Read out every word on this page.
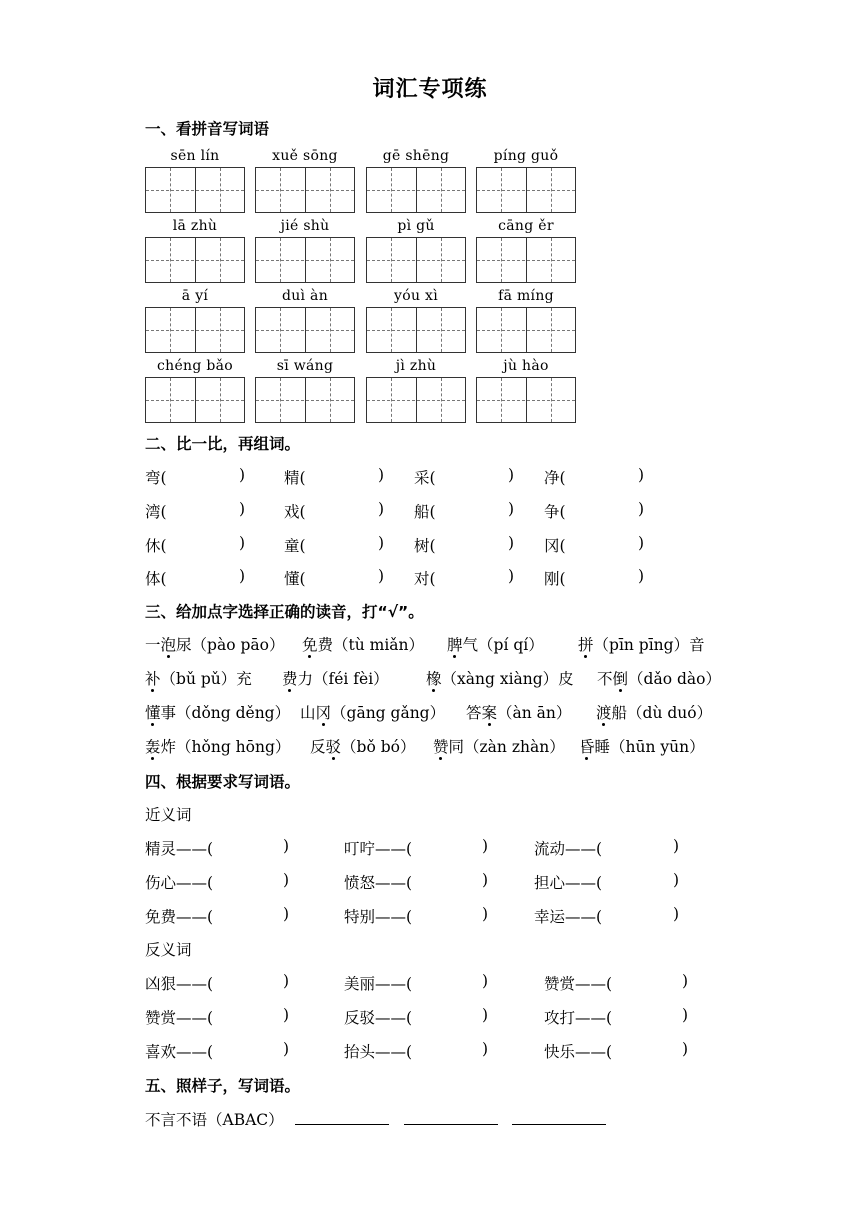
词汇专项练
一、看拼音写词语
sēn lín	xuě sōng	gē shēng	píng guǒ
lā zhù	jié shù	pì gǔ	cāng ěr
ā yí	duì àn	yóu xì	fā míng
chéng bǎo	sī wáng	jì zhù	jù hào
二、比一比，再组词。
弯(	)	精(	) 采(	) 净(	)
湾(	)	戏(	) 船(	) 争(	)
休(	)	童(	) 树(	) 冈(	)
体(	)	懂(	) 对(	) 刚(	)
三、给加点字选择正确的读音，打“√”。
一泡尿（pào pāo） 免费（tù miǎn） 脾气（pí qí） 拼（pīn pīng）音
补（bǔ pǔ）充 费力（féi fèi） 橡（xàng xiàng）皮 不倒（dǎo dào）
懂事（dǒng děng） 山冈（gāng gǎng） 答案（àn ān） 渡船（dù duó）
轰炸（hǒng hōng） 反驳（bǒ bó） 赞同（zàn zhàn） 昏睡（hūn yūn）
四、根据要求写词语。
近义词
精灵——(	)	叮咛——(	)	流动——(	)
伤心——(	)	愤怒——(	)	担心——(	)
免费——(	)	特别——(	)	幸运——(	)
反义词
凶狠——(	)	美丽——(	)	赞赏——(	)
赞赏——(	)	反驳——(	)	攻打——(	)
喜欢——(	)	抬头——(	)	快乐——(	)
五、照样子，写词语。
不言不语（ABAC）
